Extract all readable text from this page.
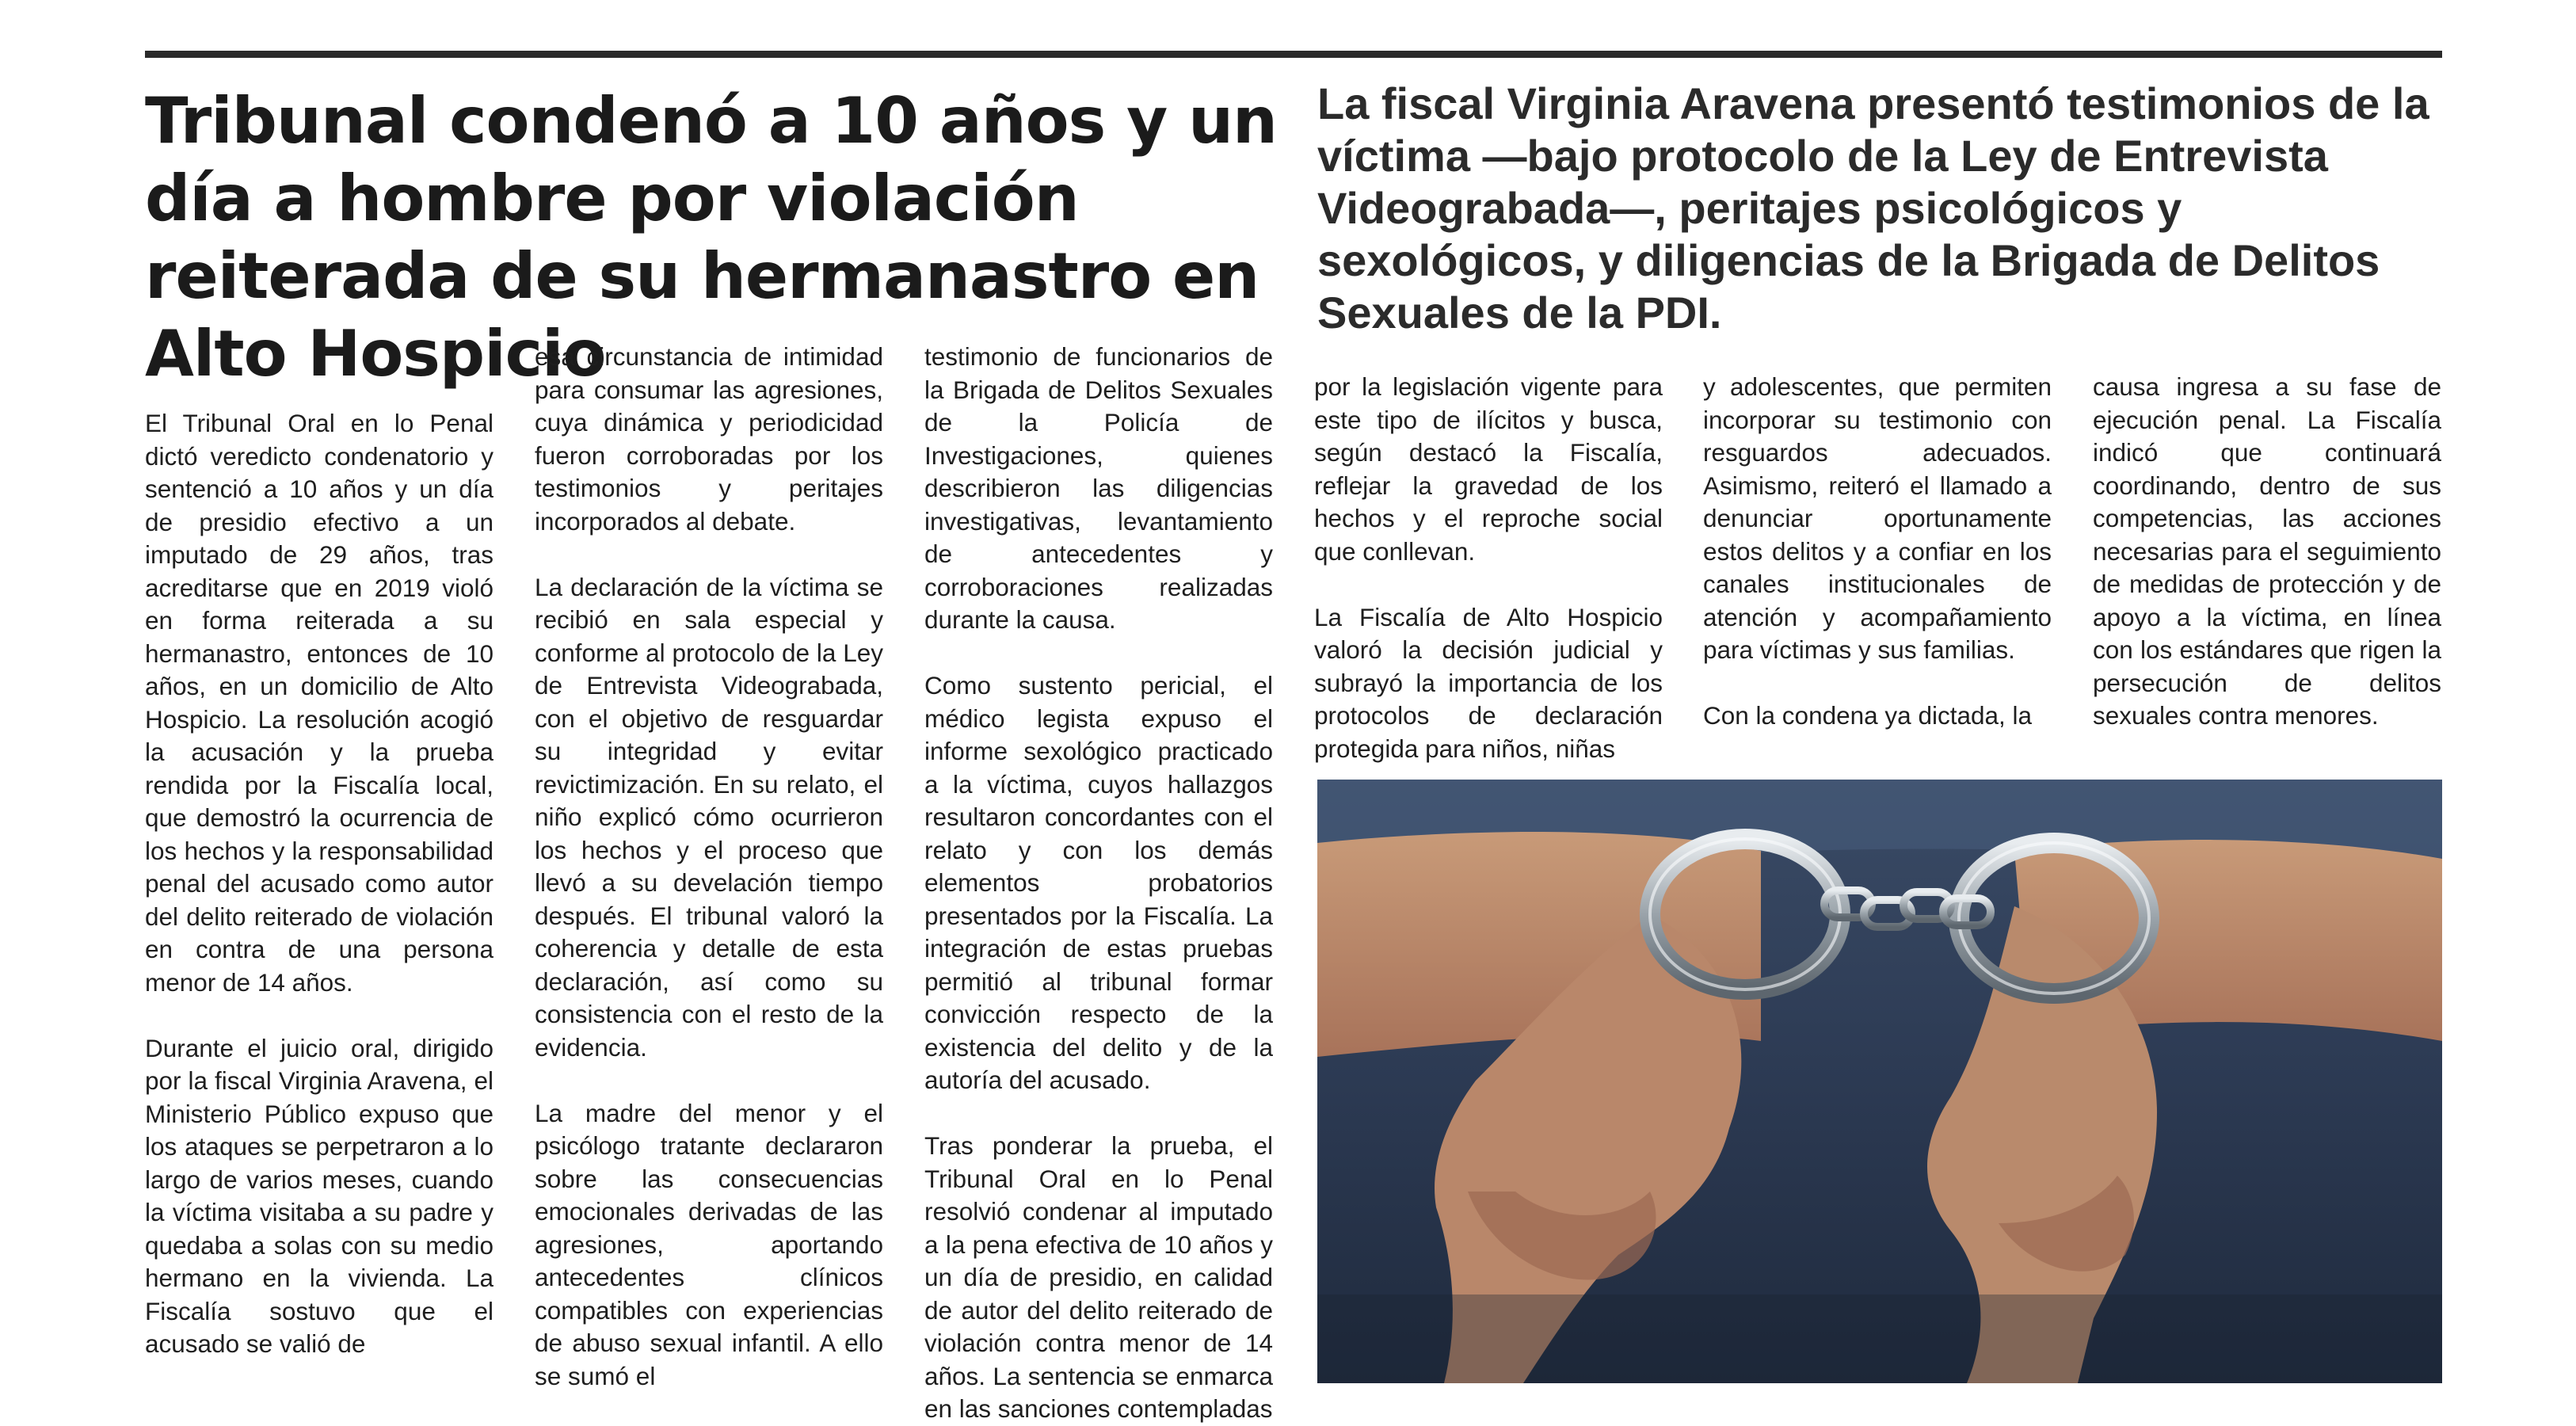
Tribunal condenó a 10 años y un día a hombre por violación reiterada de su hermanastro en Alto Hospicio
La fiscal Virginia Aravena presentó testimonios de la víctima —bajo protocolo de la Ley de Entrevista Videograbada—, peritajes psicológicos y sexológicos, y diligencias de la Brigada de Delitos Sexuales de la PDI.

El Tribunal Oral en lo Penal dictó veredicto condenatorio y sentenció a 10 años y un día de presidio efectivo a un imputado de 29 años, tras acreditarse que en 2019 violó en forma reiterada a su hermanastro, entonces de 10 años, en un domicilio de Alto Hospicio. La resolución acogió la acusación y la prueba rendida por la Fiscalía local, que demostró la ocurrencia de los hechos y la responsabilidad penal del acusado como autor del delito reiterado de violación en contra de una persona menor de 14 años.

Durante el juicio oral, dirigido por la fiscal Virginia Aravena, el Ministerio Público expuso que los ataques se perpetraron a lo largo de varios meses, cuando la víctima visitaba a su padre y quedaba a solas con su medio hermano en la vivienda. La Fiscalía sostuvo que el acusado se valió de

esa circunstancia de intimidad para consumar las agresiones, cuya dinámica y periodicidad fueron corroboradas por los testimonios y peritajes incorporados al debate.

La declaración de la víctima se recibió en sala especial y conforme al protocolo de la Ley de Entrevista Videograbada, con el objetivo de resguardar su integridad y evitar revictimización. En su relato, el niño explicó cómo ocurrieron los hechos y el proceso que llevó a su develación tiempo después. El tribunal valoró la coherencia y detalle de esta declaración, así como su consistencia con el resto de la evidencia.

La madre del menor y el psicólogo tratante declararon sobre las consecuencias emocionales derivadas de las agresiones, aportando antecedentes clínicos compatibles con experiencias de abuso sexual infantil. A ello se sumó el

testimonio de funcionarios de la Brigada de Delitos Sexuales de la Policía de Investigaciones, quienes describieron las diligencias investigativas, levantamiento de antecedentes y corroboraciones realizadas durante la causa.

Como sustento pericial, el médico legista expuso el informe sexológico practicado a la víctima, cuyos hallazgos resultaron concordantes con el relato y con los demás elementos probatorios presentados por la Fiscalía. La integración de estas pruebas permitió al tribunal formar convicción respecto de la existencia del delito y de la autoría del acusado.

Tras ponderar la prueba, el Tribunal Oral en lo Penal resolvió condenar al imputado a la pena efectiva de 10 años y un día de presidio, en calidad de autor del delito reiterado de violación contra menor de 14 años. La sentencia se enmarca en las sanciones contempladas

por la legislación vigente para este tipo de ilícitos y busca, según destacó la Fiscalía, reflejar la gravedad de los hechos y el reproche social que conllevan.

La Fiscalía de Alto Hospicio valoró la decisión judicial y subrayó la importancia de los protocolos de declaración protegida para niños, niñas

y adolescentes, que permiten incorporar su testimonio con resguardos adecuados. Asimismo, reiteró el llamado a denunciar oportunamente estos delitos y a confiar en los canales institucionales de atención y acompañamiento para víctimas y sus familias.

Con la condena ya dictada, la

causa ingresa a su fase de ejecución penal. La Fiscalía indicó que continuará coordinando, dentro de sus competencias, las acciones necesarias para el seguimiento de medidas de protección y de apoyo a la víctima, en línea con los estándares que rigen la persecución de delitos sexuales contra menores.
